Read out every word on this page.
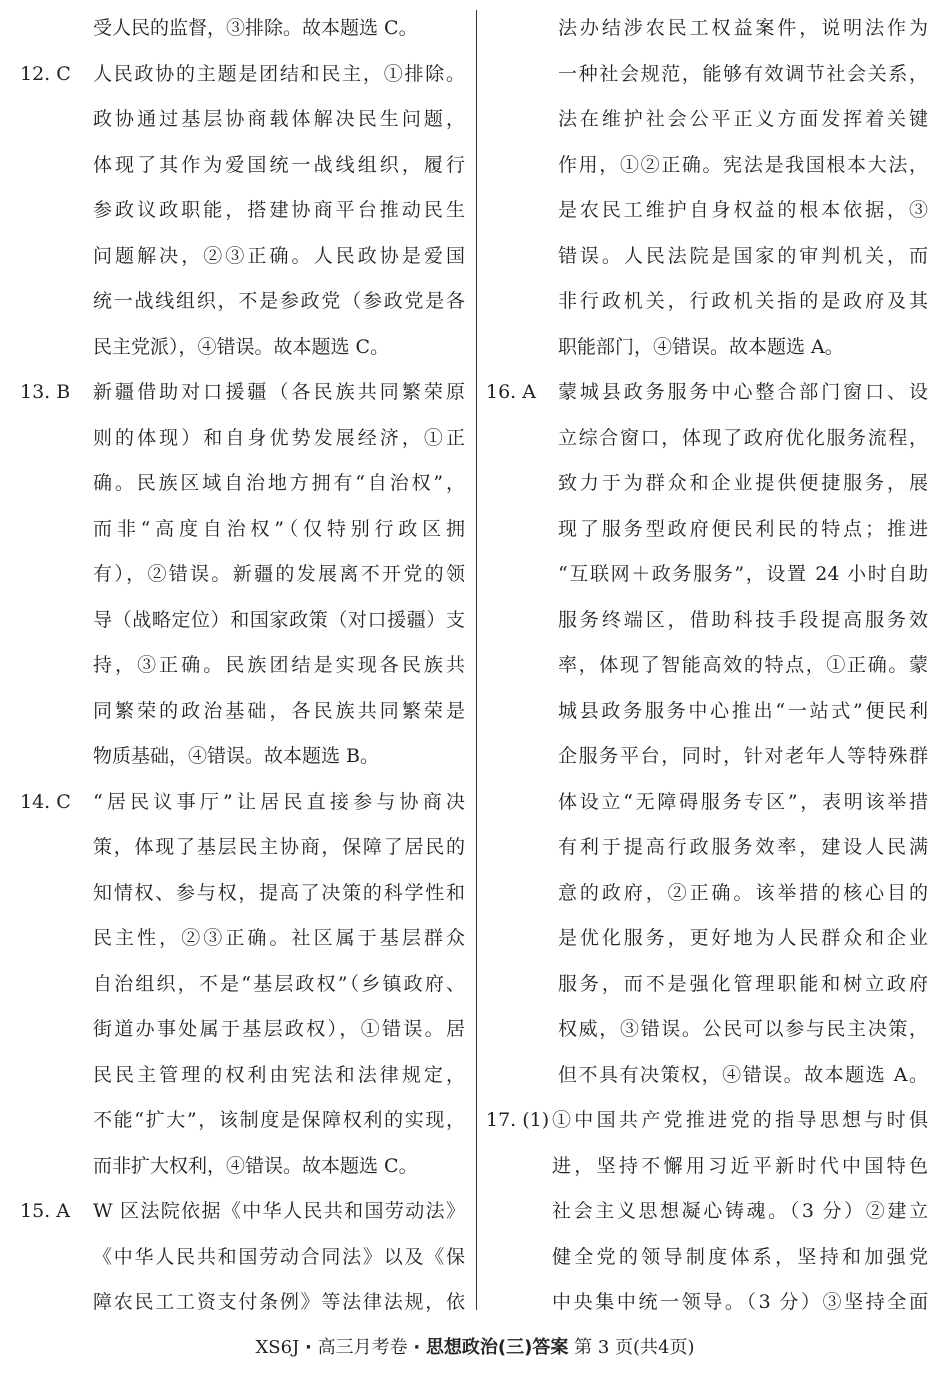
受人民的监督，③排除。故本题选 C。
12. C 人民政协的主题是团结和民主，①排除。
政协通过基层协商载体解决民生问题，
体现了其作为爱国统一战线组织，履行
参政议政职能，搭建协商平台推动民生
问题解决，②③正确。人民政协是爱国
统一战线组织，不是参政党（参政党是各
民主党派），④错误。故本题选 C。
13. B 新疆借助对口援疆（各民族共同繁荣原
则的体现）和自身优势发展经济，①正
确。民族区域自治地方拥有“自治权”，
而非“高度自治权”（仅特别行政区拥
有），②错误。新疆的发展离不开党的领
导（战略定位）和国家政策（对口援疆）支
持，③正确。民族团结是实现各民族共
同繁荣的政治基础，各民族共同繁荣是
物质基础，④错误。故本题选 B。
14. C “居民议事厅”让居民直接参与协商决
策，体现了基层民主协商，保障了居民的
知情权、参与权，提高了决策的科学性和
民主性，②③正确。社区属于基层群众
自治组织，不是“基层政权”（乡镇政府、
街道办事处属于基层政权），①错误。居
民民主管理的权利由宪法和法律规定，
不能“扩大”，该制度是保障权利的实现，
而非扩大权利，④错误。故本题选 C。
15. A W 区法院依据《中华人民共和国劳动法》
《中华人民共和国劳动合同法》以及《保
障农民工工资支付条例》等法律法规，依
法办结涉农民工权益案件，说明法作为
一种社会规范，能够有效调节社会关系，
法在维护社会公平正义方面发挥着关键
作用，①②正确。宪法是我国根本大法，
是农民工维护自身权益的根本依据，③
错误。人民法院是国家的审判机关，而
非行政机关，行政机关指的是政府及其
职能部门，④错误。故本题选 A。
16. A 蒙城县政务服务中心整合部门窗口、设
立综合窗口，体现了政府优化服务流程，
致力于为群众和企业提供便捷服务，展
现了服务型政府便民利民的特点；推进
“互联网＋政务服务”，设置 24 小时自助
服务终端区，借助科技手段提高服务效
率，体现了智能高效的特点，①正确。蒙
城县政务服务中心推出“一站式”便民利
企服务平台，同时，针对老年人等特殊群
体设立“无障碍服务专区”，表明该举措
有利于提高行政服务效率，建设人民满
意的政府，②正确。该举措的核心目的
是优化服务，更好地为人民群众和企业
服务，而不是强化管理职能和树立政府
权威，③错误。公民可以参与民主决策，
但不具有决策权，④错误。故本题选 A。
17. (1) ①中国共产党推进党的指导思想与时俱
进，坚持不懈用习近平新时代中国特色
社会主义思想凝心铸魂。（3 分）②建立
健全党的领导制度体系，坚持和加强党
中央集中统一领导。（3 分）③坚持全面
XS6J · 高三月考卷 · 思想政治(三)答案 第 3 页(共4页)
